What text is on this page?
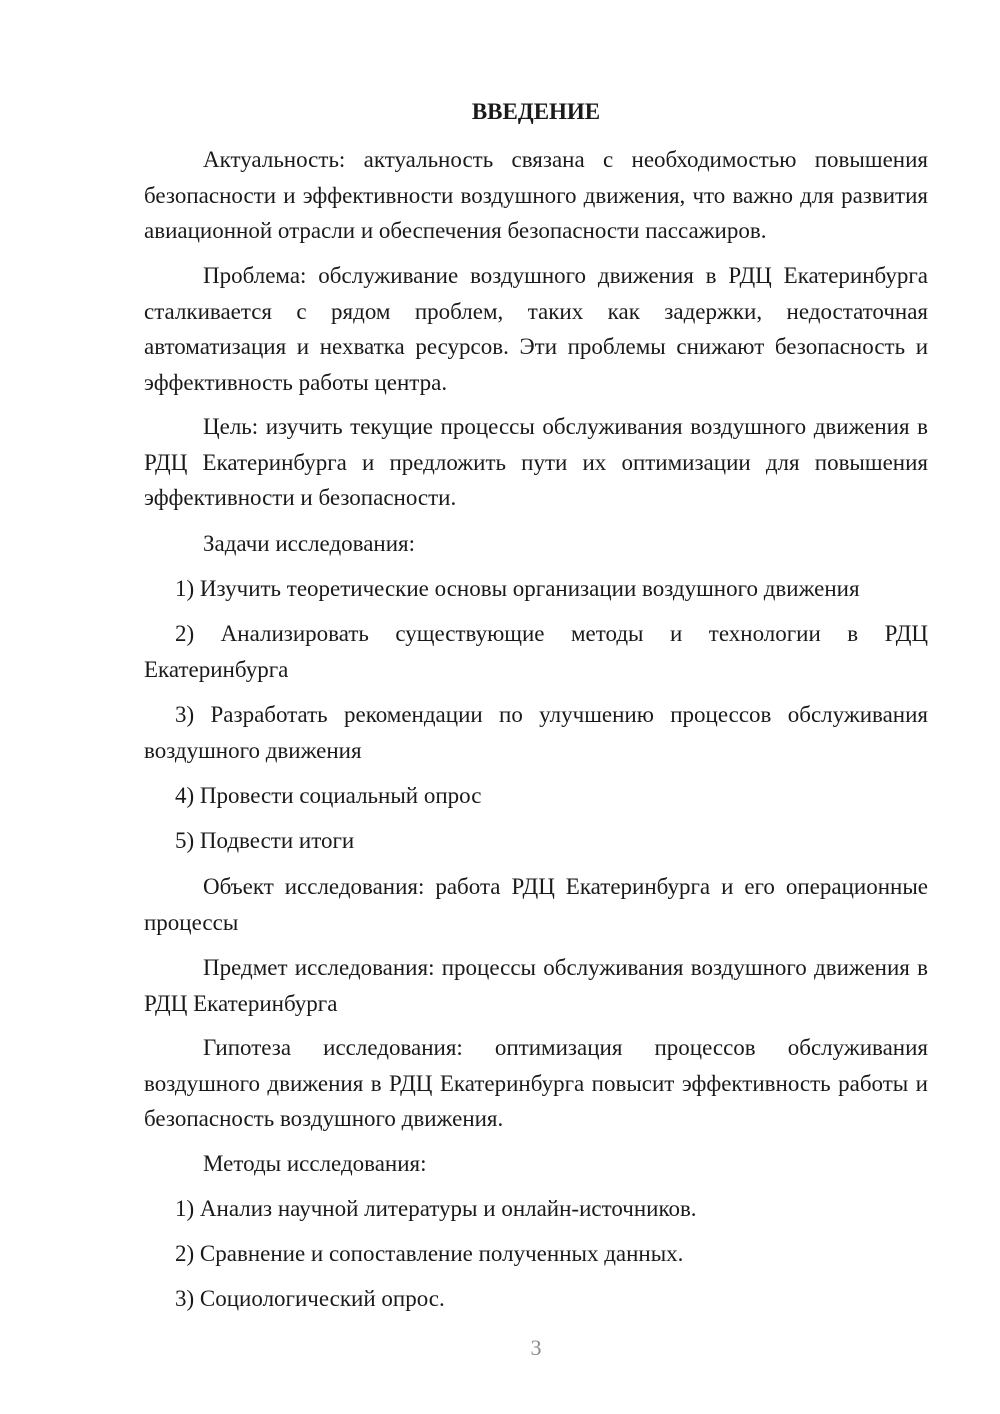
ВВЕДЕНИЕ

Актуальность: актуальность связана с необходимостью повышения безопасности и эффективности воздушного движения, что важно для развития авиационной отрасли и обеспечения безопасности пассажиров.

Проблема: обслуживание воздушного движения в РДЦ Екатеринбурга сталкивается с рядом проблем, таких как задержки, недостаточная автоматизация и нехватка ресурсов. Эти проблемы снижают безопасность и эффективность работы центра.

Цель: изучить текущие процессы обслуживания воздушного движения в РДЦ Екатеринбурга и предложить пути их оптимизации для повышения эффективности и безопасности.

Задачи исследования:

1) Изучить теоретические основы организации воздушного движения

2) Анализировать существующие методы и технологии в РДЦ Екатеринбурга

3) Разработать рекомендации по улучшению процессов обслуживания воздушного движения

4) Провести социальный опрос

5) Подвести итоги

Объект исследования: работа РДЦ Екатеринбурга и его операционные процессы

Предмет исследования: процессы обслуживания воздушного движения в РДЦ Екатеринбурга

Гипотеза исследования: оптимизация процессов обслуживания воздушного движения в РДЦ Екатеринбурга повысит эффективность работы и безопасность воздушного движения.

Методы исследования:

1) Анализ научной литературы и онлайн-источников.

2) Сравнение и сопоставление полученных данных.

3) Социологический опрос.

3
